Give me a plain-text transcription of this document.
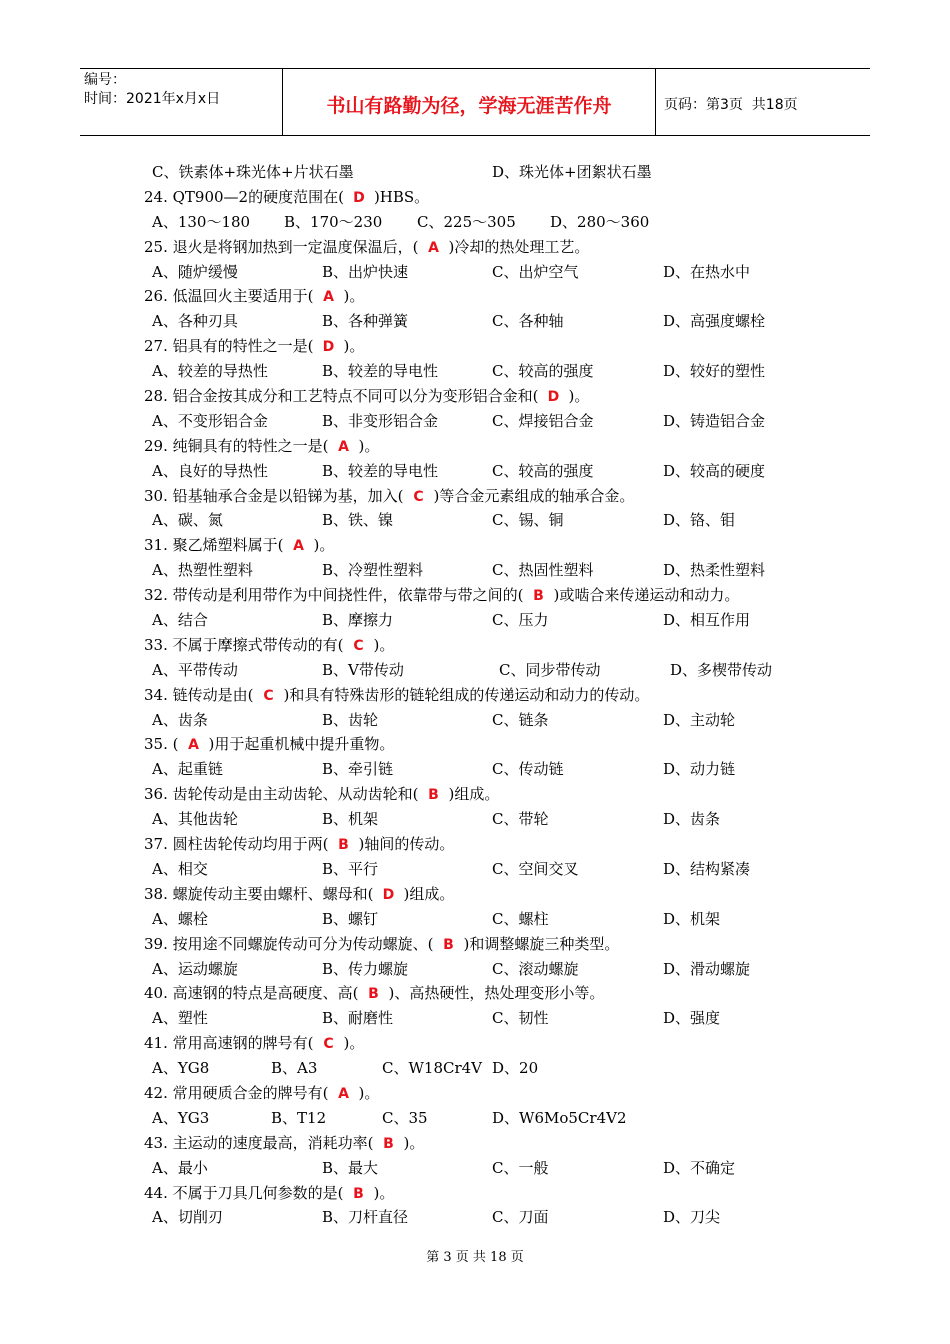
编号：
时间：2021年x月x日	书山有路勤为径，学海无涯苦作舟	页码：第3页  共18页
C、铁素体+珠光体+片状石墨	D、珠光体+团絮状石墨
24. QT900—2的硬度范围在( D )HBS。
A、130～180 B、170～230 C、225～305 D、280～360
25. 退火是将钢加热到一定温度保温后，( A )冷却的热处理工艺。
A、随炉缓慢	B、出炉快速	C、出炉空气	D、在热水中
26. 低温回火主要适用于( A )。
A、各种刃具	B、各种弹簧	C、各种轴	D、高强度螺栓
27. 铝具有的特性之一是( D )。
A、较差的导热性	B、较差的导电性	C、较高的强度	D、较好的塑性
28. 铝合金按其成分和工艺特点不同可以分为变形铝合金和( D )。
A、不变形铝合金	B、非变形铝合金	C、焊接铝合金	D、铸造铝合金
29. 纯铜具有的特性之一是( A )。
A、良好的导热性	B、较差的导电性	C、较高的强度	D、较高的硬度
30. 铅基轴承合金是以铅锑为基，加入( C )等合金元素组成的轴承合金。
A、碳、氮	B、铁、镍	C、锡、铜	D、铬、钼
31. 聚乙烯塑料属于( A )。
A、热塑性塑料	B、冷塑性塑料	C、热固性塑料	D、热柔性塑料
32. 带传动是利用带作为中间挠性件，依靠带与带之间的( B )或啮合来传递运动和动力。
A、结合	B、摩擦力	C、压力	D、相互作用
33. 不属于摩擦式带传动的有( C )。
A、平带传动	B、V带传动	C、同步带传动	D、多楔带传动
34. 链传动是由( C )和具有特殊齿形的链轮组成的传递运动和动力的传动。
A、齿条	B、齿轮	C、链条	D、主动轮
35. ( A )用于起重机械中提升重物。
A、起重链	B、牵引链	C、传动链	D、动力链
36. 齿轮传动是由主动齿轮、从动齿轮和( B )组成。
A、其他齿轮	B、机架	C、带轮	D、齿条
37. 圆柱齿轮传动均用于两( B )轴间的传动。
A、相交	B、平行	C、空间交叉	D、结构紧凑
38. 螺旋传动主要由螺杆、螺母和( D )组成。
A、螺栓	B、螺钉	C、螺柱	D、机架
39. 按用途不同螺旋传动可分为传动螺旋、( B )和调整螺旋三种类型。
A、运动螺旋	B、传力螺旋	C、滚动螺旋	D、滑动螺旋
40. 高速钢的特点是高硬度、高( B )、高热硬性，热处理变形小等。
A、塑性	B、耐磨性	C、韧性	D、强度
41. 常用高速钢的牌号有( C )。
A、YG8	B、A3	C、W18Cr4V D、20
42. 常用硬质合金的牌号有( A )。
A、YG3	B、T12	C、35	D、W6Mo5Cr4V2
43. 主运动的速度最高，消耗功率( B )。
A、最小	B、最大	C、一般	D、不确定
44. 不属于刀具几何参数的是( B )。
A、切削刃	B、刀杆直径	C、刀面	D、刀尖
第 3 页 共 18 页
